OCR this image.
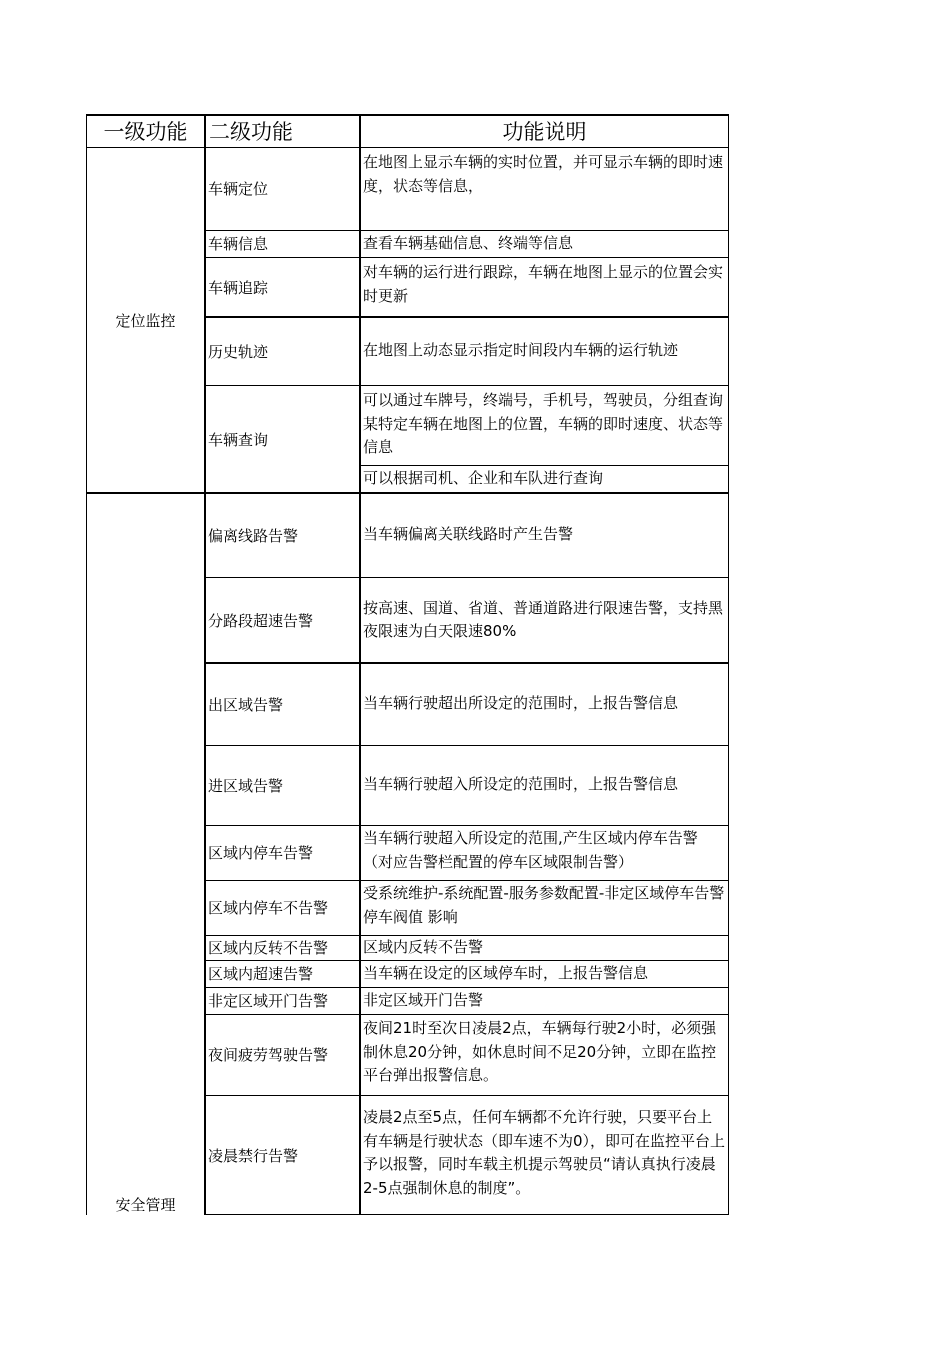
一级功能	二级功能	功能说明
定位监控
安全管理
车辆定位
车辆信息
车辆追踪
历史轨迹
车辆查询
偏离线路告警
分路段超速告警
出区域告警
进区域告警
区域内停车告警
区域内停车不告警
区域内反转不告警
区域内超速告警
非定区域开门告警
夜间疲劳驾驶告警
凌晨禁行告警
在地图上显示车辆的实时位置，并可显示车辆的即时速度，状态等信息，
查看车辆基础信息、终端等信息
对车辆的运行进行跟踪，车辆在地图上显示的位置会实时更新
在地图上动态显示指定时间段内车辆的运行轨迹
可以通过车牌号，终端号，手机号，驾驶员，分组查询某特定车辆在地图上的位置，车辆的即时速度、状态等信息
可以根据司机、企业和车队进行查询
当车辆偏离关联线路时产生告警
按高速、国道、省道、普通道路进行限速告警，支持黑夜限速为白天限速80%
当车辆行驶超出所设定的范围时，上报告警信息
当车辆行驶超入所设定的范围时，上报告警信息
当车辆行驶超入所设定的范围,产生区域内停车告警（对应告警栏配置的停车区域限制告警）
受系统维护-系统配置-服务参数配置-非定区域停车告警停车阀值 影响
区域内反转不告警
当车辆在设定的区域停车时，上报告警信息
非定区域开门告警
夜间21时至次日凌晨2点，车辆每行驶2小时，必须强制休息20分钟，如休息时间不足20分钟，立即在监控平台弹出报警信息。
凌晨2点至5点，任何车辆都不允许行驶，只要平台上有车辆是行驶状态（即车速不为0），即可在监控平台上予以报警，同时车载主机提示驾驶员“请认真执行凌晨2-5点强制休息的制度”。
